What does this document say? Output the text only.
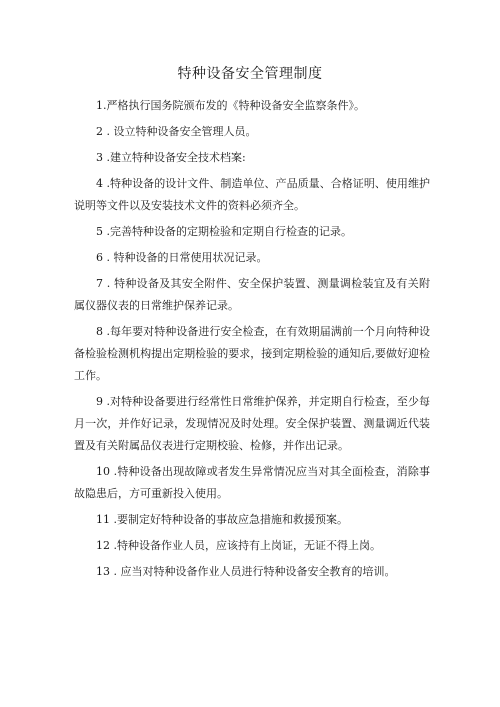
特种设备安全管理制度

1.严格执行国务院颁布发的《特种设备安全监察条件》。

2 . 设立特种设备安全管理人员。

3 .建立特种设备安全技术档案:

4 .特种设备的设计文件、制造单位、产品质量、合格证明、使用维护说明等文件以及安装技术文件的资料必须齐全。

5 .完善特种设备的定期检验和定期自行检查的记录。

6 . 特种设备的日常使用状况记录。

7 . 特种设备及其安全附件、安全保护装置、测量调检装宜及有关附属仪器仪表的日常维护保养记录。

8 .每年要对特种设备进行安全检查，在有效期届满前一个月向特种设备检验检测机构提出定期检验的要求，接到定期检验的通知后,要做好迎检工作。

9 .对特种设备要进行经常性日常维护保养，并定期自行检查，至少每月一次，并作好记录，发现情况及时处理。安全保护装置、测量调近代装置及有关附属品仪表进行定期校验、检修，并作出记录。

10 .特种设备出现故障或者发生异常情况应当对其全面检查，消除事故隐患后，方可重新投入使用。

11 .要制定好特种设备的事故应急措施和救援预案。

12 .特种设备作业人员，应该持有上岗证，无证不得上岗。

13 . 应当对特种设备作业人员进行特种设备安全教育的培训。
